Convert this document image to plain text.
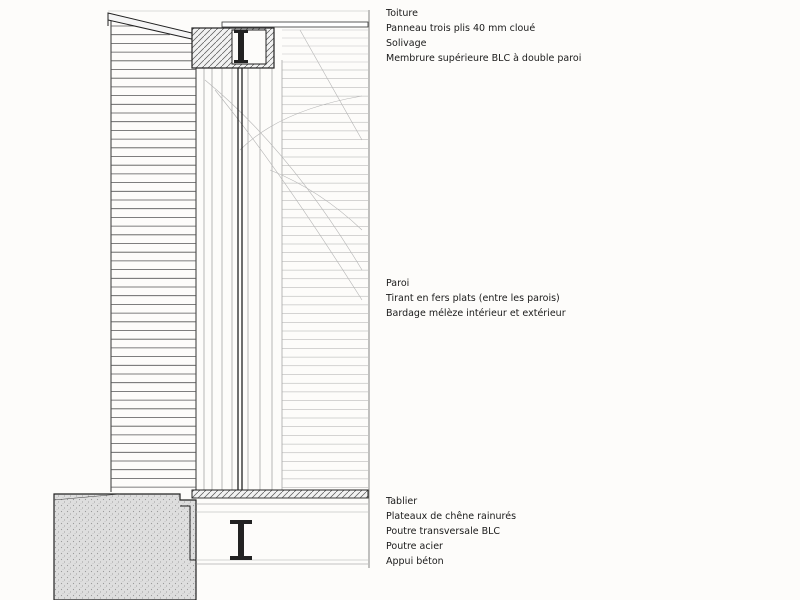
Toiture
Panneau trois plis 40 mm cloué
Solivage
Membrure supérieure BLC à double paroi
Paroi
Tirant en fers plats (entre les parois)
Bardage mélèze intérieur et extérieur
Tablier
Plateaux de chêne rainurés
Poutre transversale BLC
Poutre acier
Appui béton
